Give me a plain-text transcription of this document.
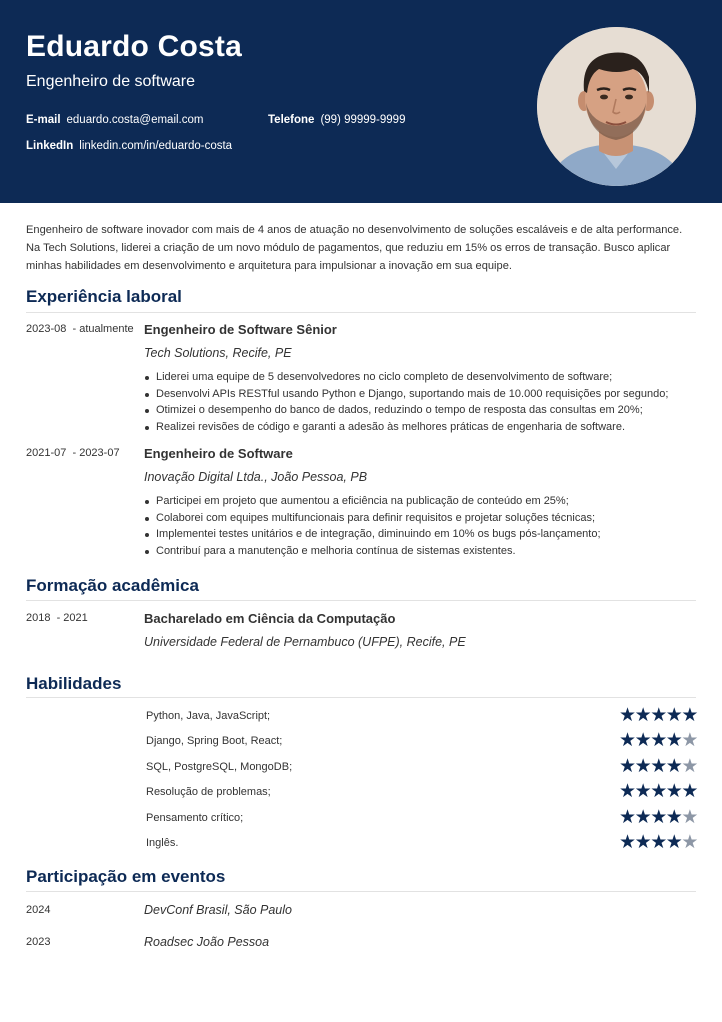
Eduardo Costa
Engenheiro de software
E-mail eduardo.costa@email.com	Telefone (99) 99999-9999
LinkedIn linkedin.com/in/eduardo-costa

Engenheiro de software inovador com mais de 4 anos de atuação no desenvolvimento de soluções escaláveis e de alta performance. Na Tech Solutions, liderei a criação de um novo módulo de pagamentos, que reduziu em 15% os erros de transação. Busco aplicar minhas habilidades em desenvolvimento e arquitetura para impulsionar a inovação em sua equipe.

Experiência laboral
2023-08  - atualmente Engenheiro de Software Sênior
Tech Solutions, Recife, PE
Liderei uma equipe de 5 desenvolvedores no ciclo completo de desenvolvimento de software;
Desenvolvi APIs RESTful usando Python e Django, suportando mais de 10.000 requisições por segundo;
Otimizei o desempenho do banco de dados, reduzindo o tempo de resposta das consultas em 20%;
Realizei revisões de código e garanti a adesão às melhores práticas de engenharia de software.
2021-07  - 2023-07 Engenheiro de Software
Inovação Digital Ltda., João Pessoa, PB
Participei em projeto que aumentou a eficiência na publicação de conteúdo em 25%;
Colaborei com equipes multifuncionais para definir requisitos e projetar soluções técnicas;
Implementei testes unitários e de integração, diminuindo em 10% os bugs pós-lançamento;
Contribuí para a manutenção e melhoria contínua de sistemas existentes.
Formação acadêmica
2018  - 2021	Bacharelado em Ciência da Computação
Universidade Federal de Pernambuco (UFPE), Recife, PE
Habilidades
Python, Java, JavaScript;	★★★★★
Django, Spring Boot, React;	★★★★★
SQL, PostgreSQL, MongoDB;	★★★★★
Resolução de problemas;	★★★★★
Pensamento crítico;	★★★★★
Inglês.	★★★★★
Participação em eventos
2024	DevConf Brasil, São Paulo
2023	Roadsec João Pessoa
